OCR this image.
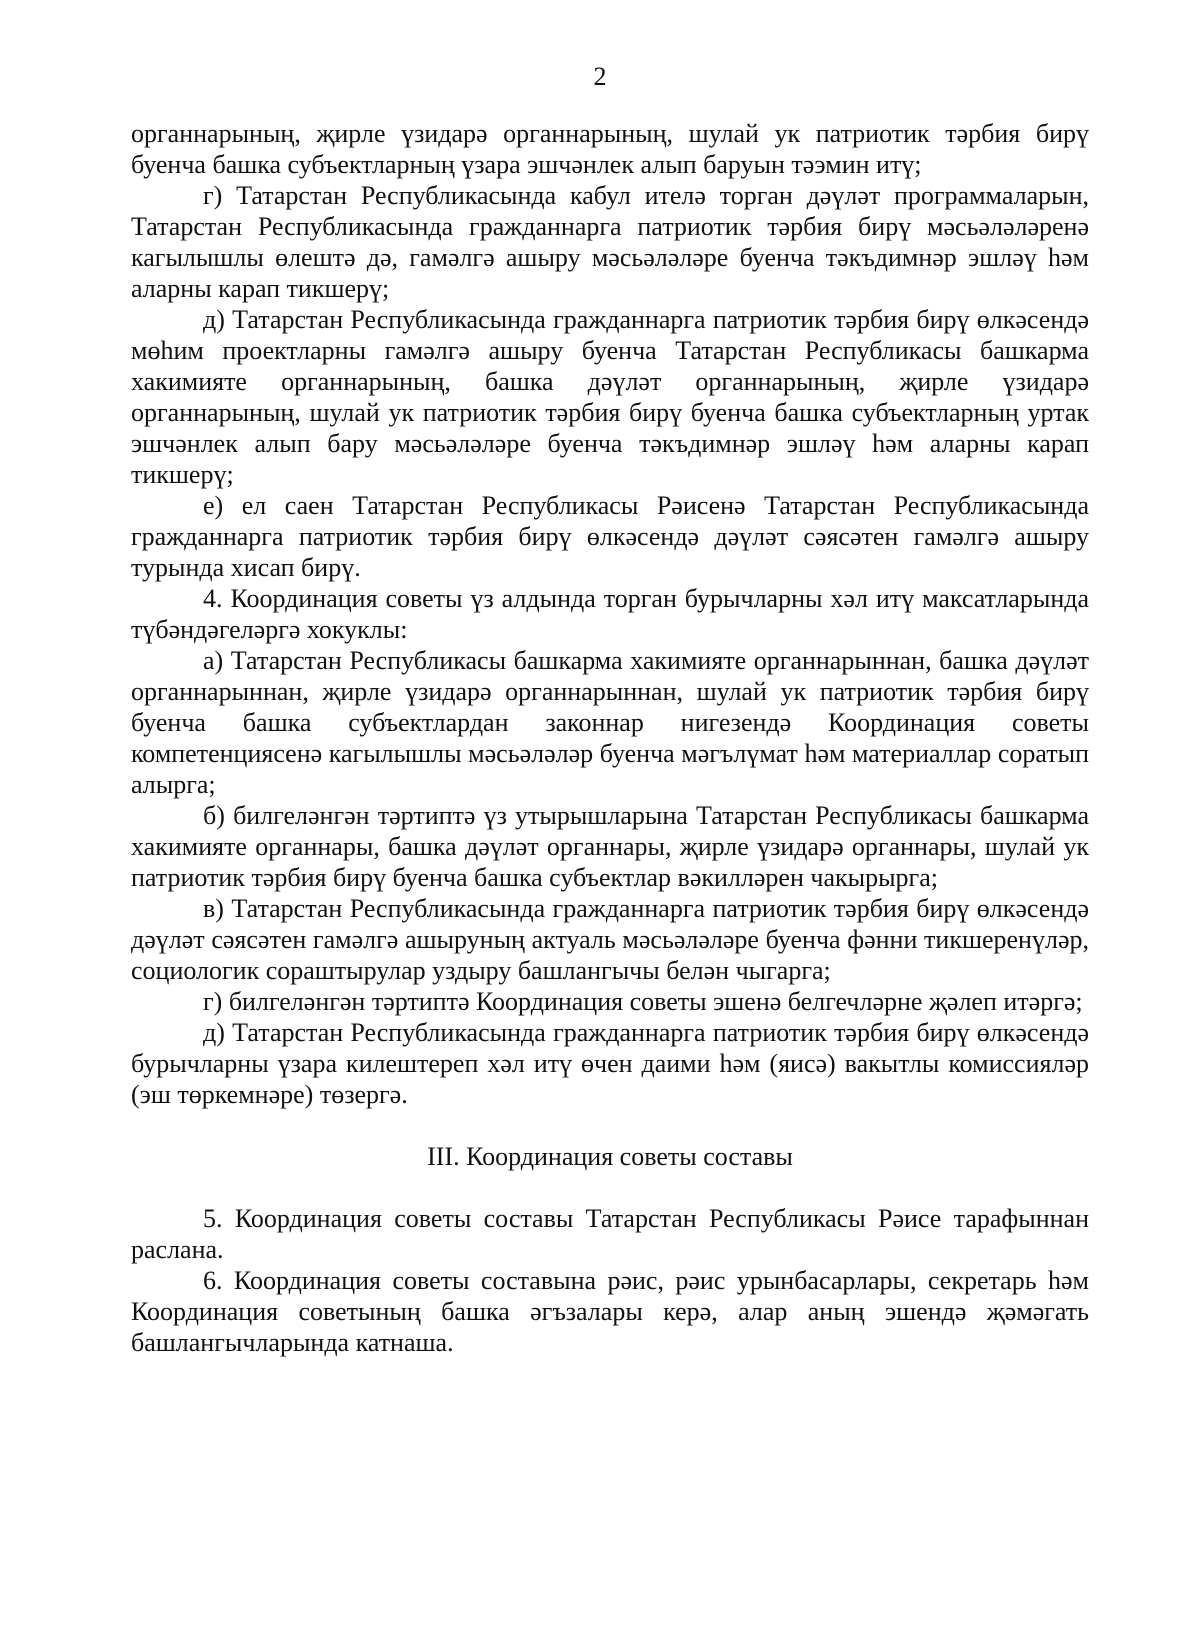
2

органнарының, җирле үзидарә органнарының, шулай ук патриотик тәрбия бирү буенча башка субъектларның үзара эшчәнлек алып баруын тәэмин итү;

г) Татарстан Республикасында кабул ителә торган дәүләт программаларын, Татарстан Республикасында гражданнарга патриотик тәрбия бирү мәсьәләләренә кагылышлы өлештә дә, гамәлгә ашыру мәсьәләләре буенча тәкъдимнәр эшләү һәм аларны карап тикшерү;

д) Татарстан Республикасында гражданнарга патриотик тәрбия бирү өлкәсендә мөһим проектларны гамәлгә ашыру буенча Татарстан Республикасы башкарма хакимияте органнарының, башка дәүләт органнарының, җирле үзидарә органнарының, шулай ук патриотик тәрбия бирү буенча башка субъектларның уртак эшчәнлек алып бару мәсьәләләре буенча тәкъдимнәр эшләү һәм аларны карап тикшерү;

е) ел саен Татарстан Республикасы Рәисенә Татарстан Республикасында гражданнарга патриотик тәрбия бирү өлкәсендә дәүләт сәясәтен гамәлгә ашыру турында хисап бирү.

4. Координация советы үз алдында торган бурычларны хәл итү максатларында түбәндәгеләргә хокуклы:

а) Татарстан Республикасы башкарма хакимияте органнарыннан, башка дәүләт органнарыннан, җирле үзидарә органнарыннан, шулай ук патриотик тәрбия бирү буенча башка субъектлардан законнар нигезендә Координация советы компетенциясенә кагылышлы мәсьәләләр буенча мәгълүмат һәм материаллар соратып алырга;

б) билгеләнгән тәртиптә үз утырышларына Татарстан Республикасы башкарма хакимияте органнары, башка дәүләт органнары, җирле үзидарә органнары, шулай ук патриотик тәрбия бирү буенча башка субъектлар вәкилләрен чакырырга;

в) Татарстан Республикасында гражданнарга патриотик тәрбия бирү өлкәсендә дәүләт сәясәтен гамәлгә ашыруның актуаль мәсьәләләре буенча фәнни тикшеренүләр, социологик сораштырулар уздыру башлангычы белән чыгарга;

г) билгеләнгән тәртиптә Координация советы эшенә белгечләрне җәлеп итәргә;

д) Татарстан Республикасында гражданнарга патриотик тәрбия бирү өлкәсендә бурычларны үзара килештереп хәл итү өчен даими һәм (яисә) вакытлы комиссияләр (эш төркемнәре) төзергә.

III. Координация советы составы

5. Координация советы составы Татарстан Республикасы Рәисе тарафыннан раслана.

6. Координация советы составына рәис, рәис урынбасарлары, секретарь һәм Координация советының башка әгъзалары керә, алар аның эшендә җәмәгать башлангычларында катнаша.
